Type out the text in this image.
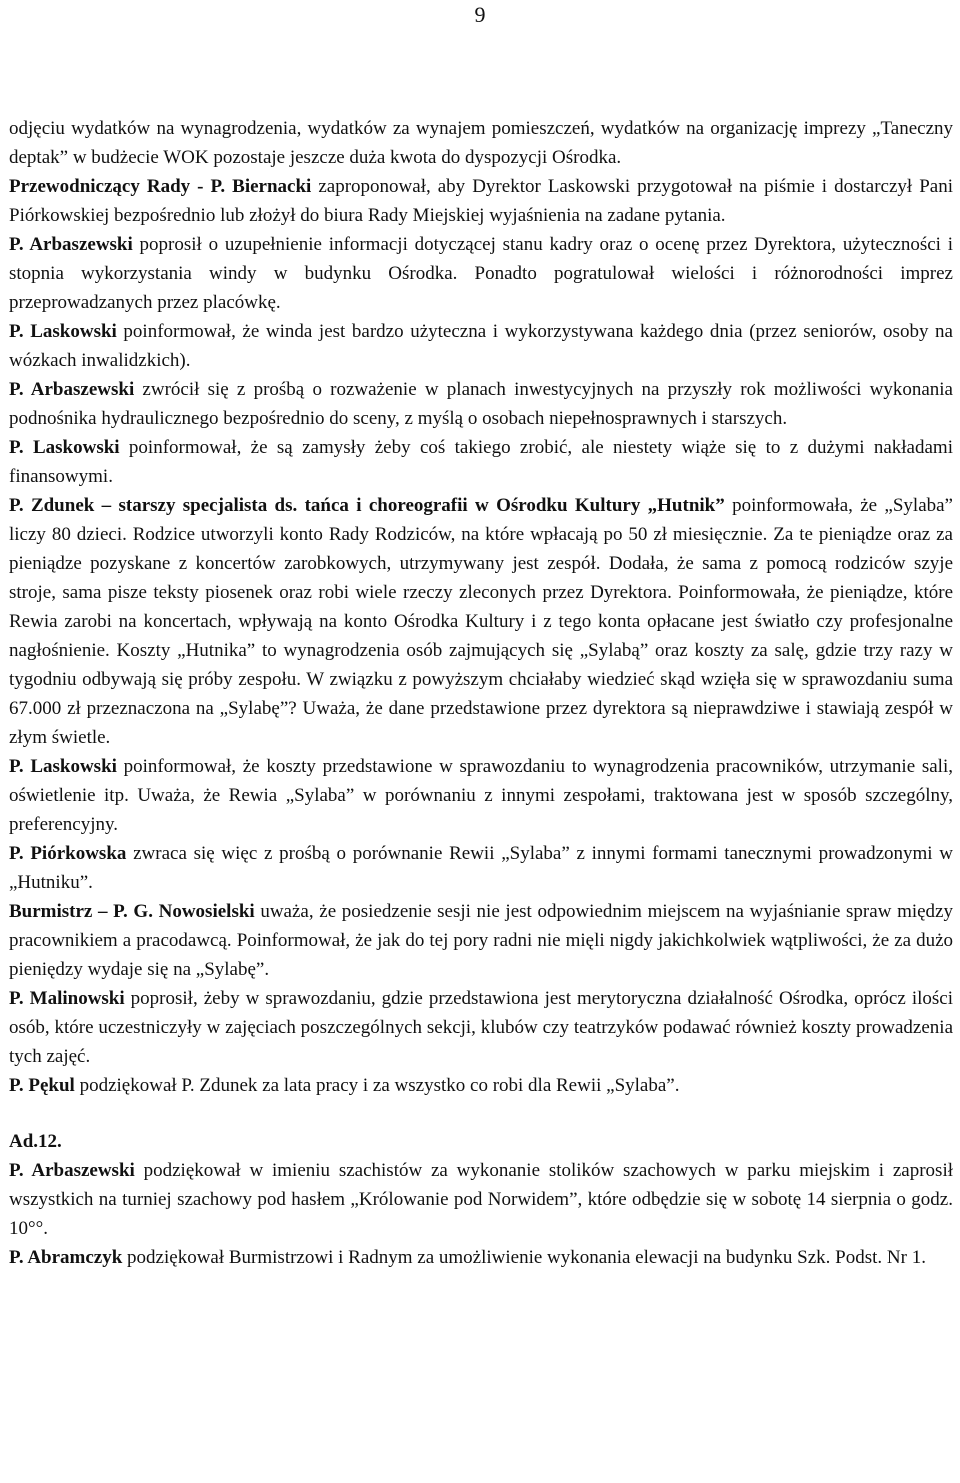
9

odjęciu wydatków na wynagrodzenia, wydatków za wynajem pomieszczeń, wydatków na organizację imprezy „Taneczny deptak” w budżecie WOK pozostaje jeszcze duża kwota do dyspozycji Ośrodka.

Przewodniczący Rady - P. Biernacki zaproponował, aby Dyrektor Laskowski przygotował na piśmie i dostarczył Pani Piórkowskiej bezpośrednio lub złożył do biura Rady Miejskiej wyjaśnienia na zadane pytania.

P. Arbaszewski poprosił o uzupełnienie informacji dotyczącej stanu kadry oraz o ocenę przez Dyrektora, użyteczności i stopnia wykorzystania windy w budynku Ośrodka. Ponadto pogratulował wielości i różnorodności imprez przeprowadzanych przez placówkę.

P. Laskowski poinformował, że winda jest bardzo użyteczna i wykorzystywana każdego dnia (przez seniorów, osoby na wózkach inwalidzkich).

P. Arbaszewski zwrócił się z prośbą o rozważenie w planach inwestycyjnych na przyszły rok możliwości wykonania podnośnika hydraulicznego bezpośrednio do sceny, z myślą o osobach niepełnosprawnych i starszych.

P. Laskowski poinformował, że są zamysły żeby coś takiego zrobić, ale niestety wiąże się to z dużymi nakładami finansowymi.

P. Zdunek – starszy specjalista ds. tańca i choreografii w Ośrodku Kultury „Hutnik” poinformowała, że „Sylaba” liczy 80 dzieci. Rodzice utworzyli konto Rady Rodziców, na które wpłacają po 50 zł miesięcznie. Za te pieniądze oraz za pieniądze pozyskane z koncertów zarobkowych, utrzymywany jest zespół. Dodała, że sama z pomocą rodziców szyje stroje, sama pisze teksty piosenek oraz robi wiele rzeczy zleconych przez Dyrektora. Poinformowała, że pieniądze, które Rewia zarobi na koncertach, wpływają na konto Ośrodka Kultury i z tego konta opłacane jest światło czy profesjonalne nagłośnienie. Koszty „Hutnika” to wynagrodzenia osób zajmujących się „Sylabą” oraz koszty za salę, gdzie trzy razy w tygodniu odbywają się próby zespołu. W związku z powyższym chciałaby wiedzieć skąd wzięła się w sprawozdaniu suma 67.000 zł przeznaczona na „Sylabę”? Uważa, że dane przedstawione przez dyrektora są nieprawdziwe i stawiają zespół w złym świetle.

P. Laskowski poinformował, że koszty przedstawione w sprawozdaniu to wynagrodzenia pracowników, utrzymanie sali, oświetlenie itp. Uważa, że Rewia „Sylaba” w porównaniu z innymi zespołami, traktowana jest w sposób szczególny, preferencyjny.

P. Piórkowska zwraca się więc z prośbą o porównanie Rewii „Sylaba” z innymi formami tanecznymi prowadzonymi w „Hutniku”.

Burmistrz – P. G. Nowosielski uważa, że posiedzenie sesji nie jest odpowiednim miejscem na wyjaśnianie spraw między pracownikiem a pracodawcą. Poinformował, że jak do tej pory radni nie mięli nigdy jakichkolwiek wątpliwości, że za dużo pieniędzy wydaje się na „Sylabę”.

P. Malinowski poprosił, żeby w sprawozdaniu, gdzie przedstawiona jest merytoryczna działalność Ośrodka, oprócz ilości osób, które uczestniczyły w zajęciach poszczególnych sekcji, klubów czy teatrzyków podawać również koszty prowadzenia tych zajęć.

P. Pękul podziękował P. Zdunek za lata pracy i za wszystko co robi dla Rewii „Sylaba”.

Ad.12.

P. Arbaszewski podziękował w imieniu szachistów za wykonanie stolików szachowych w parku miejskim i zaprosił wszystkich na turniej szachowy pod hasłem „Królowanie pod Norwidem”, które odbędzie się w sobotę 14 sierpnia o godz. 10°°.

P. Abramczyk podziękował Burmistrzowi i Radnym za umożliwienie wykonania elewacji na budynku Szk. Podst. Nr 1.
